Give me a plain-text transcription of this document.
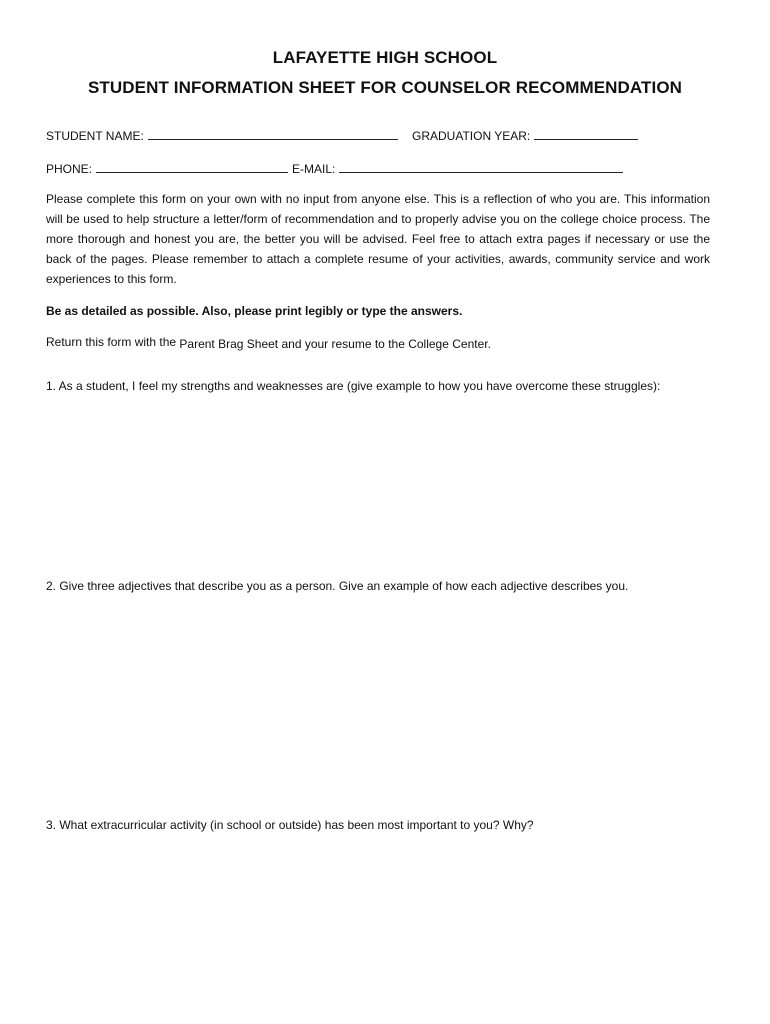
LAFAYETTE HIGH SCHOOL
STUDENT INFORMATION SHEET FOR COUNSELOR RECOMMENDATION
STUDENT NAME:	GRADUATION YEAR:
PHONE:	E-MAIL:
Please complete this form on your own with no input from anyone else. This is a reflection of who you are. This information will be used to help structure a letter/form of recommendation and to properly advise you on the college choice process. The more thorough and honest you are, the better you will be advised. Feel free to attach extra pages if necessary or use the back of the pages. Please remember to attach a complete resume of your activities, awards, community service and work experiences to this form.
Be as detailed as possible. Also, please print legibly or type the answers.
Return this form with the Parent Brag Sheet and your resume to the College Center.
1. As a student, I feel my strengths and weaknesses are (give example to how you have overcome these struggles):
2. Give three adjectives that describe you as a person. Give an example of how each adjective describes you.
3. What extracurricular activity (in school or outside) has been most important to you? Why?
